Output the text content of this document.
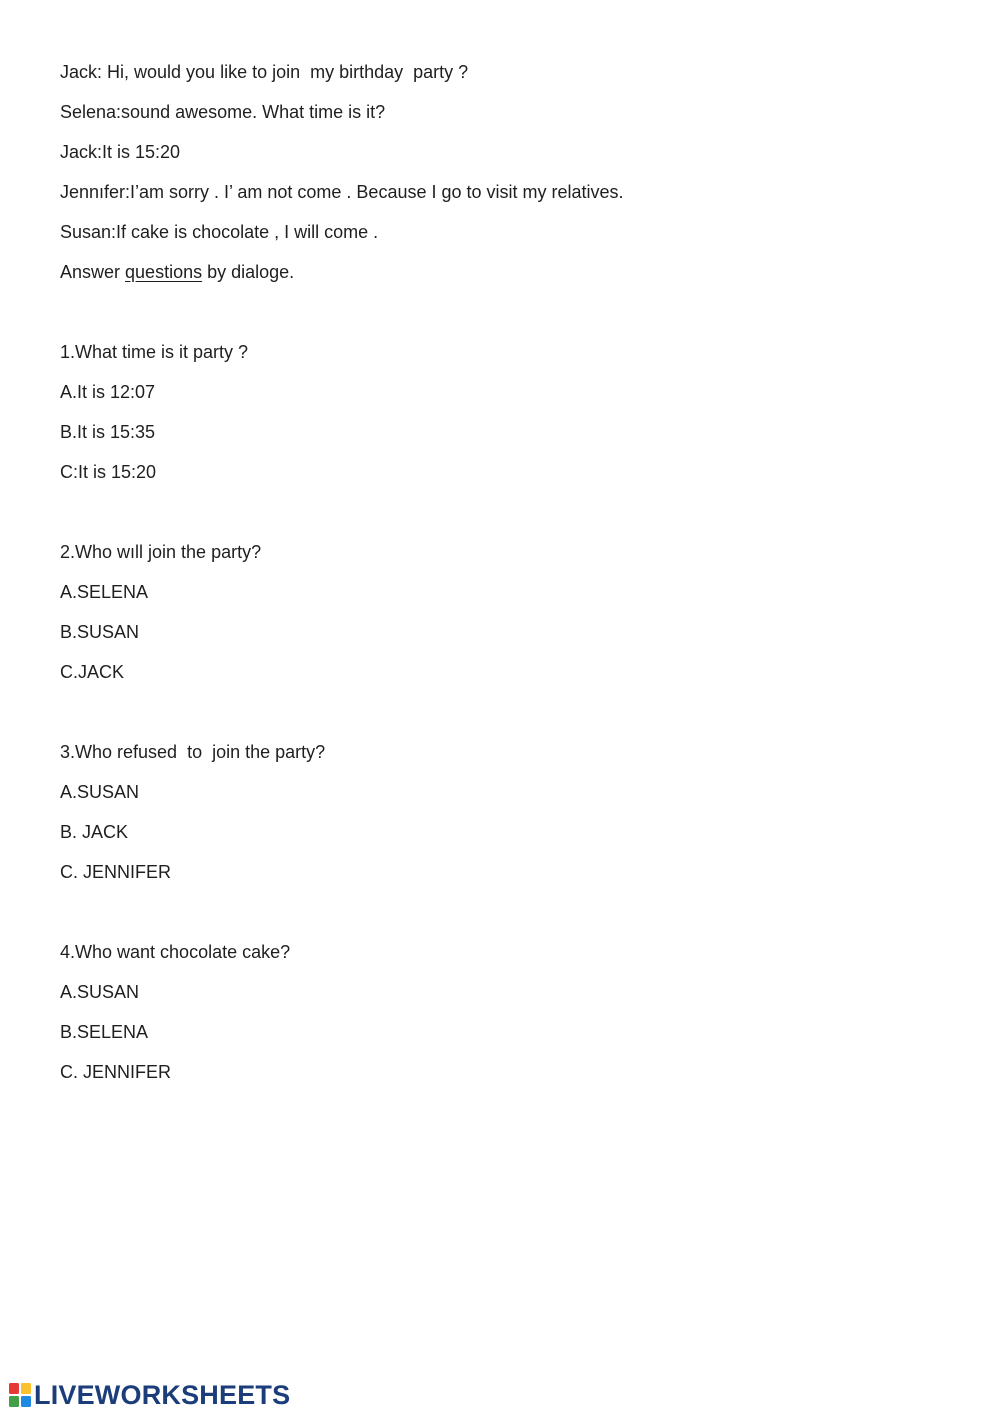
Jack: Hi, would you like to join  my birthday  party ?
Selena:sound awesome. What time is it?
Jack:It is 15:20
Jennıfer:I’am sorry . I’ am not come . Because I go to visit my relatives.
Susan:If cake is chocolate , I will come .
Answer questions by dialoge.
1.What time is it party ?
A.It is 12:07
B.It is 15:35
C:It is 15:20
2.Who wıll join the party?
A.SELENA
B.SUSAN
C.JACK
3.Who refused  to  join the party?
A.SUSAN
B. JACK
C. JENNIFER
4.Who want chocolate cake?
A.SUSAN
B.SELENA
C. JENNIFER
LIVEWORKSHEETS
